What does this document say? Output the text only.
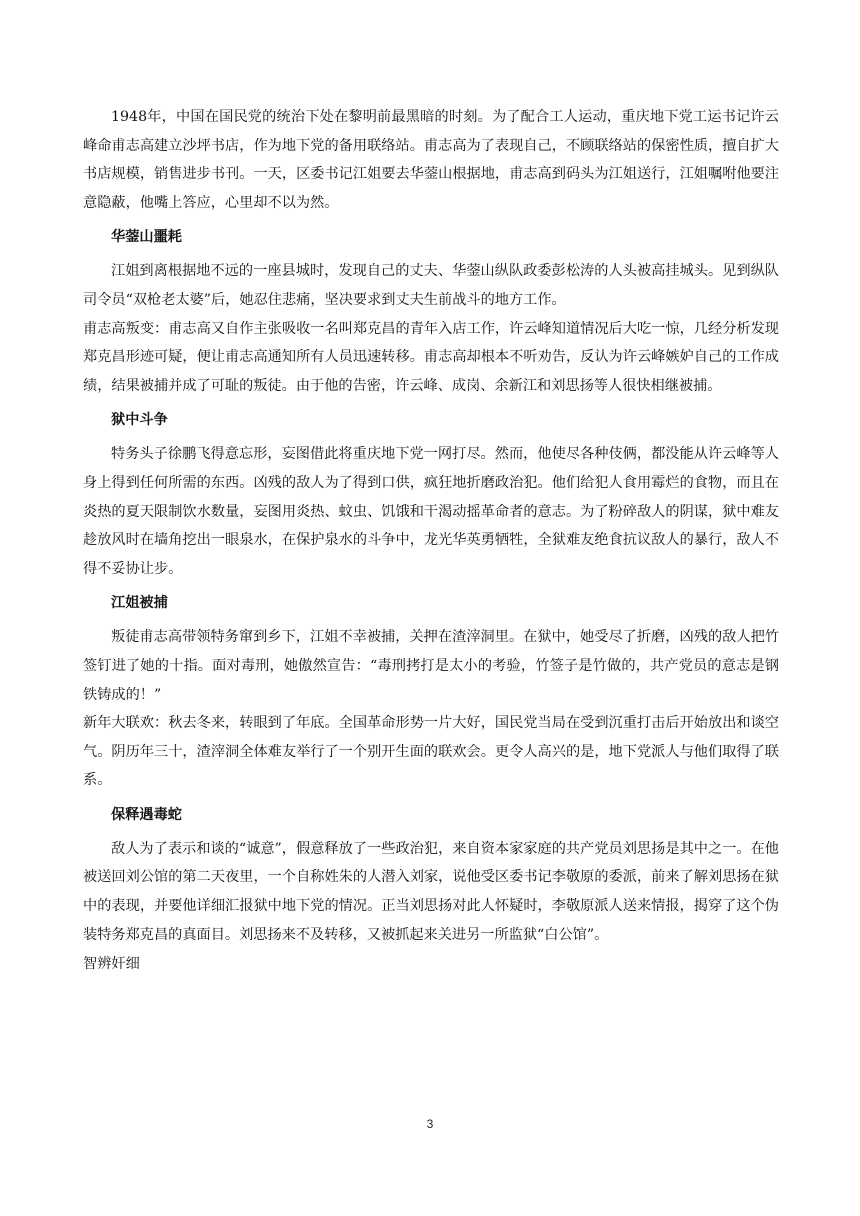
1948年，中国在国民党的统治下处在黎明前最黑暗的时刻。为了配合工人运动，重庆地下党工运书记许云峰命甫志高建立沙坪书店，作为地下党的备用联络站。甫志高为了表现自己，不顾联络站的保密性质，擅自扩大书店规模，销售进步书刊。一天，区委书记江姐要去华蓥山根据地，甫志高到码头为江姐送行，江姐嘱咐他要注意隐蔽，他嘴上答应，心里却不以为然。

华蓥山噩耗

江姐到离根据地不远的一座县城时，发现自己的丈夫、华蓥山纵队政委彭松涛的人头被高挂城头。见到纵队司令员“双枪老太婆”后，她忍住悲痛，坚决要求到丈夫生前战斗的地方工作。

甫志高叛变：甫志高又自作主张吸收一名叫郑克昌的青年入店工作，许云峰知道情况后大吃一惊，几经分析发现郑克昌形迹可疑，便让甫志高通知所有人员迅速转移。甫志高却根本不听劝告，反认为许云峰嫉妒自己的工作成绩，结果被捕并成了可耻的叛徒。由于他的告密，许云峰、成岗、余新江和刘思扬等人很快相继被捕。

狱中斗争

特务头子徐鹏飞得意忘形，妄图借此将重庆地下党一网打尽。然而，他使尽各种伎俩，都没能从许云峰等人身上得到任何所需的东西。凶残的敌人为了得到口供，疯狂地折磨政治犯。他们给犯人食用霉烂的食物，而且在炎热的夏天限制饮水数量，妄图用炎热、蚊虫、饥饿和干渴动摇革命者的意志。为了粉碎敌人的阴谋，狱中难友趁放风时在墙角挖出一眼泉水，在保护泉水的斗争中，龙光华英勇牺牲，全狱难友绝食抗议敌人的暴行，敌人不得不妥协让步。

江姐被捕

叛徒甫志高带领特务窜到乡下，江姐不幸被捕，关押在渣滓洞里。在狱中，她受尽了折磨，凶残的敌人把竹签钉进了她的十指。面对毒刑，她傲然宣告：“毒刑拷打是太小的考验，竹签子是竹做的，共产党员的意志是钢铁铸成的！”

新年大联欢：秋去冬来，转眼到了年底。全国革命形势一片大好，国民党当局在受到沉重打击后开始放出和谈空气。阴历年三十，渣滓洞全体难友举行了一个别开生面的联欢会。更令人高兴的是，地下党派人与他们取得了联系。

保释遇毒蛇

敌人为了表示和谈的“诚意”，假意释放了一些政治犯，来自资本家家庭的共产党员刘思扬是其中之一。在他被送回刘公馆的第二天夜里，一个自称姓朱的人潜入刘家，说他受区委书记李敬原的委派，前来了解刘思扬在狱中的表现，并要他详细汇报狱中地下党的情况。正当刘思扬对此人怀疑时，李敬原派人送来情报，揭穿了这个伪装特务郑克昌的真面目。刘思扬来不及转移，又被抓起来关进另一所监狱“白公馆”。

智辨奸细

3
